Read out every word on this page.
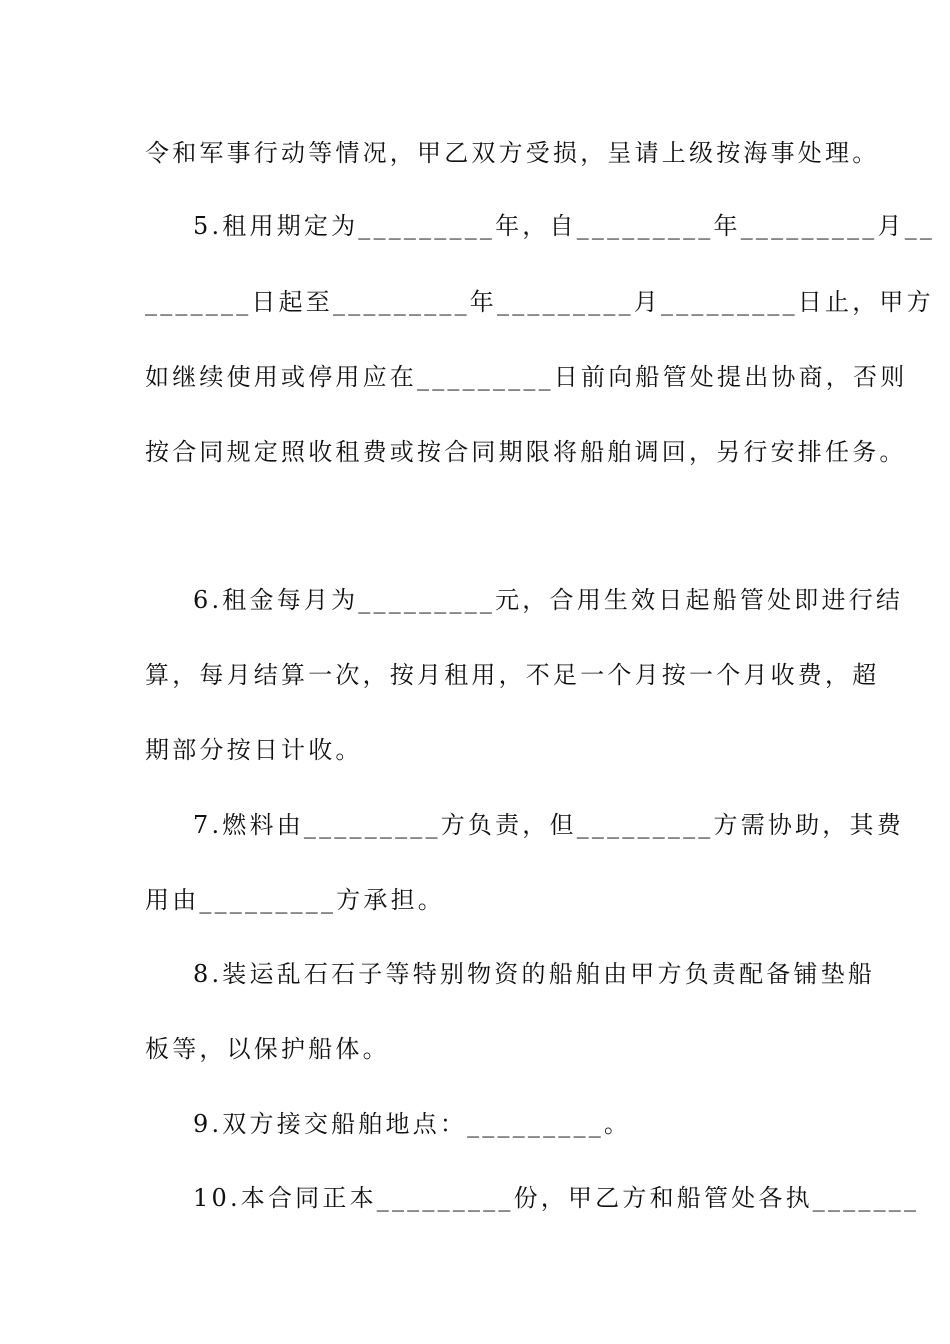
令和军事行动等情况，甲乙双方受损，呈请上级按海事处理。
5.租用期定为_________年，自_________年_________月__
_______日起至_________年_________月_________日止，甲方
如继续使用或停用应在_________日前向船管处提出协商，否则
按合同规定照收租费或按合同期限将船舶调回，另行安排任务。
6.租金每月为_________元，合用生效日起船管处即进行结
算，每月结算一次，按月租用，不足一个月按一个月收费，超
期部分按日计收。
7.燃料由_________方负责，但_________方需协助，其费
用由_________方承担。
8.装运乱石石子等特别物资的船舶由甲方负责配备铺垫船
板等，以保护船体。
9.双方接交船舶地点：_________。
10.本合同正本_________份，甲乙方和船管处各执_______
